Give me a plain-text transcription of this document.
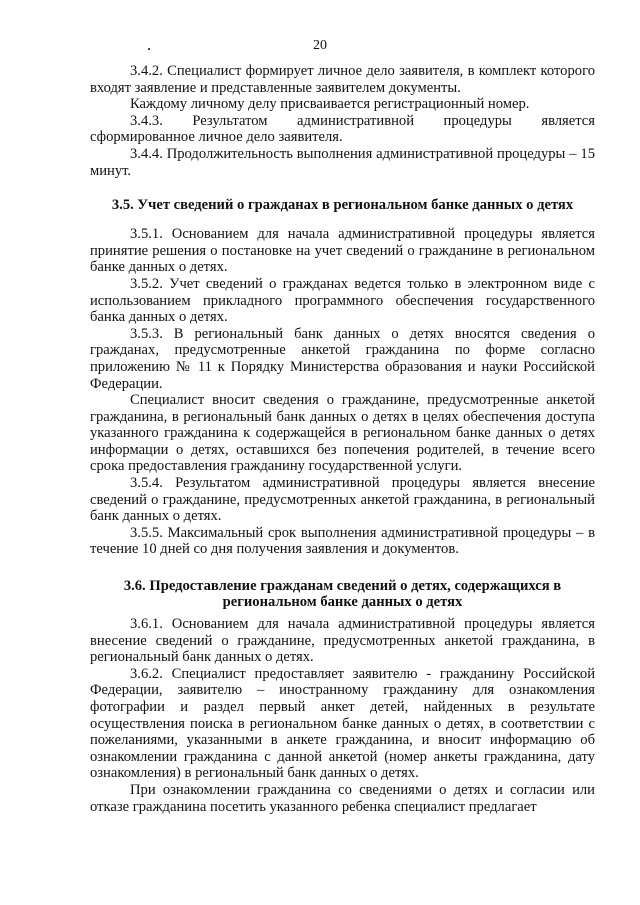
20

3.4.2. Специалист формирует личное дело заявителя, в комплект которого входят заявление и представленные заявителем документы.

Каждому личному делу присваивается регистрационный номер.

3.4.3. Результатом административной процедуры является сформированное личное дело заявителя.

3.4.4. Продолжительность выполнения административной процедуры – 15 минут.

3.5. Учет сведений о гражданах в региональном банке данных о детях

3.5.1. Основанием для начала административной процедуры является принятие решения о постановке на учет сведений о гражданине в региональном банке данных о детях.

3.5.2. Учет сведений о гражданах ведется только в электронном виде с использованием прикладного программного обеспечения государственного банка данных о детях.

3.5.3. В региональный банк данных о детях вносятся сведения о гражданах, предусмотренные анкетой гражданина по форме согласно приложению № 11 к Порядку Министерства образования и науки Российской Федерации.

Специалист вносит сведения о гражданине, предусмотренные анкетой гражданина, в региональный банк данных о детях в целях обеспечения доступа указанного гражданина к содержащейся в региональном банке данных о детях информации о детях, оставшихся без попечения родителей, в течение всего срока предоставления гражданину государственной услуги.

3.5.4. Результатом административной процедуры является внесение сведений о гражданине, предусмотренных анкетой гражданина, в региональный банк данных о детях.

3.5.5. Максимальный срок выполнения административной процедуры – в течение 10 дней со дня получения заявления и документов.

3.6. Предоставление гражданам сведений о детях, содержащихся в региональном банке данных о детях

3.6.1. Основанием для начала административной процедуры является внесение сведений о гражданине, предусмотренных анкетой гражданина, в региональный банк данных о детях.

3.6.2. Специалист предоставляет заявителю - гражданину Российской Федерации, заявителю – иностранному гражданину для ознакомления фотографии и раздел первый анкет детей, найденных в результате осуществления поиска в региональном банке данных о детях, в соответствии с пожеланиями, указанными в анкете гражданина, и вносит информацию об ознакомлении гражданина с данной анкетой (номер анкеты гражданина, дату ознакомления) в региональный банк данных о детях.

При ознакомлении гражданина со сведениями о детях и согласии или отказе гражданина посетить указанного ребенка специалист предлагает
